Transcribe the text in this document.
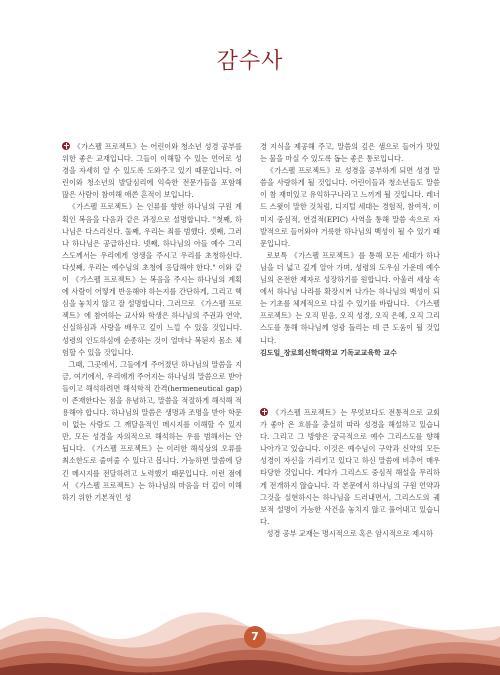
감수사

《가스펠 프로젝트》는 어린이와 청소년 성경 공부를 위한 좋은 교재입니다. 그들이 이해할 수 있는 언어로 성경을 자세히 알 수 있도록 도와주고 있기 때문입니다. 어린이와 청소년의 발달심리에 익숙한 전문가들을 포함해 많은 사람이 참여해 애쓴 흔적이 보입니다.

《가스펠 프로젝트》는 인류를 향한 하나님의 구원 계획인 복음을 다음과 같은 과정으로 설명합니다. "첫째, 하나님은 다스리신다. 둘째, 우리는 죄를 범했다. 셋째, 그러나 하나님은 공급하신다. 넷째, 하나님의 아들 예수 그리스도께서는 우리에게 영생을 주시고 우리를 초청하신다. 다섯째, 우리는 예수님의 초청에 응답해야 한다." 이와 같이 《가스펠 프로젝트》는 복음을 주시는 하나님의 계획에 사람이 어떻게 반응해야 하는지를 간단하게, 그리고 핵심을 놓치지 않고 잘 설명합니다. 그러므로 《가스펠 프로젝트》에 참여하는 교사와 학생은 하나님의 주권과 연약, 신실하심과 사랑을 배우고 깊이 느낄 수 있을 것입니다. 성령의 인도하심에 순종하는 것이 얼마나 복된지 몸소 체험할 수 있을 것입니다.

그때, 그곳에서, 그들에게 주어졌던 하나님의 말씀을 지금, 여기에서, 우리에게 주어지는 하나님의 말씀으로 받아들이고 해석하려면 해석학적 간격(hermeneutical gap)이 존재한다는 점을 유념하고, 말씀을 적절하게 해석해 적용해야 합니다. 하나님의 말씀은 생명과 조명을 받아 학문이 없는 사람도 그 깨달음적인 메시지를 이해할 수 있지만, 모든 성경을 자의적으로 해석하는 우를 범해서는 안 됩니다. 《가스펠 프로젝트》는 이러한 해석상의 오류를 최소한도로 줄여줄 수 있다고 봅니다. 가능하면 말씀에 담긴 메시지를 전달하려고 노력했기 때문입니다. 이런 점에서 《가스펠 프로젝트》는 하나님의 마음을 더 깊이 이해하기 위한 기본적인 성

경 지식을 제공해 주고, 말씀의 깊은 샘으로 들어가 맛있는 물을 마실 수 있도록 돕는 좋은 통로입니다.

《가스펠 프로젝트》로 성경을 공부하게 되면 성경 말씀을 사랑하게 될 것입니다. 어린이들과 청소년들도 말씀이 참 재미있고 유익하구나라고 느끼게 될 것입니다. 레너드 스윗이 말한 것처럼, 디지털 세대는 경험적, 참여적, 이미지 중심적, 연결적(EPIC) 사역을 통해 말씀 속으로 자발적으로 들어와야 거룩한 하나님의 백성이 될 수 있기 때문입니다.

로보특 《가스펠 프로젝트》를 통해 모든 세대가 하나님을 더 넓고 깊게 알아 가며, 성령의 도우심 가운데 예수님의 온전한 제자로 성장하기를 원합니다. 아울러 세상 속에서 하나님 나라를 확장시켜 나가는 하나님의 백성이 되는 기초를 체계적으로 다질 수 있기를 바랍니다. 《가스펠 프로젝트》는 오직 믿음, 오직 성경, 오직 은혜, 오직 그리스도를 통해 하나님께 영광 돌리는 데 큰 도움이 될 것입니다.

김도일_장로회신학대학교 기독교교육학 교수

《가스펠 프로젝트》는 무엇보다도 전통적으로 교회가 좋아 온 흐름을 충실히 따라 성경을 해설하고 있습니다. 그리고 그 방향은 궁극적으로 예수 그리스도를 향해 나아가고 있습니다. 이것은 예수님이 구약과 신약의 모든 성경이 자신을 가리키고 있다고 하신 말씀에 비추어 매우 타당한 것입니다. 게다가 그리스도 중심적 해설을 무리하게 전개하지 않습니다. 각 본문에서 하나님의 구원 언약과 그것을 실현하시는 하나님을 드러내면서, 그리스도의 궤보적 설명이 가능한 사건을 놓치지 않고 풀어내고 있습니다.

성경 공부 교재는 명시적으로 혹은 암시적으로 제시하

7
